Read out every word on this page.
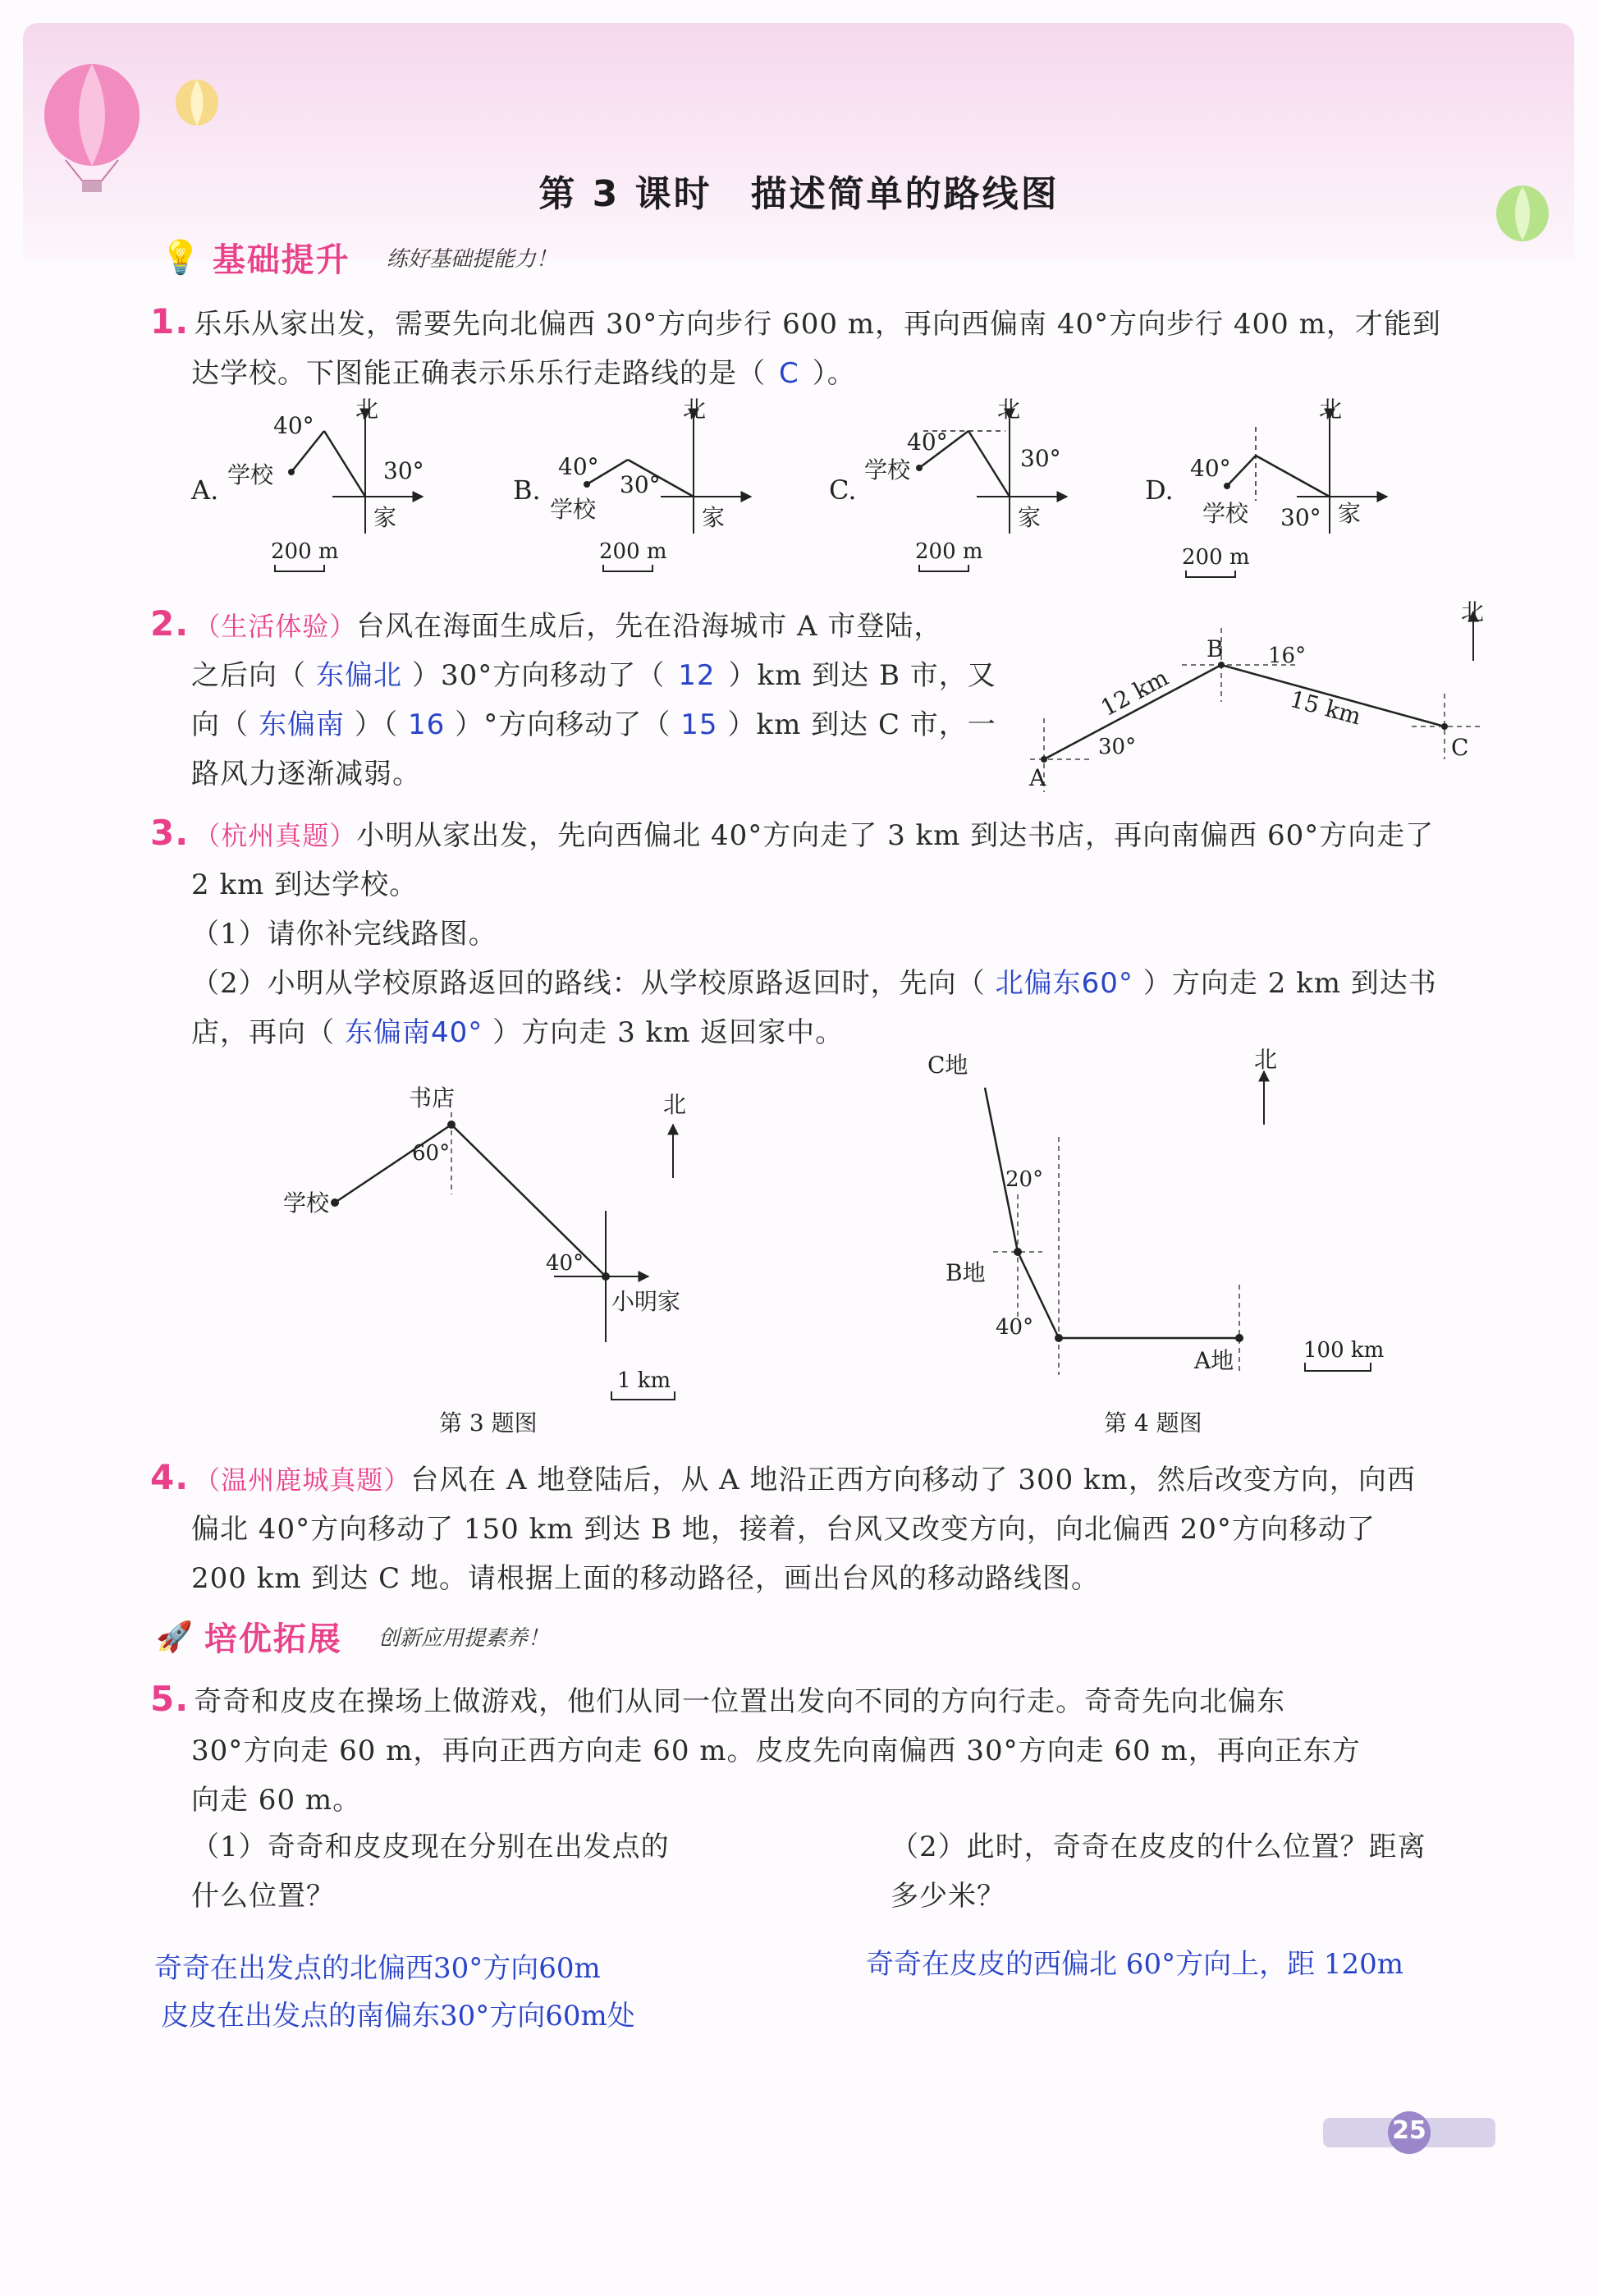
第 3 课时　描述简单的路线图
💡 基础提升 练好基础提能力！
1. 乐乐从家出发，需要先向北偏西 30°方向步行 600 m，再向西偏南 40°方向步行 400 m，才能到
达学校。下图能正确表示乐乐行走路线的是（ C ）。
A.
40°
30°
学校
家
北
200 m
B.
40°
30°
学校	家
北
200 m
C.
40°
30°
学校
家
北
200 m
D.
40°
30°
学校	家
北
200 m
2. （生活体验）台风在海面生成后，先在沿海城市 A 市登陆，
之后向（ 东偏北 ）30°方向移动了（ 12 ）km 到达 B 市，又
向（ 东偏南 ）（ 16 ）°方向移动了（ 15 ）km 到达 C 市，一
路风力逐渐减弱。
北
A
B
C
12 km	15 km
30°
16°
3. （杭州真题）小明从家出发，先向西偏北 40°方向走了 3 km 到达书店，再向南偏西 60°方向走了
2 km 到达学校。
（1）请你补完线路图。
（2）小明从学校原路返回的路线：从学校原路返回时，先向（ 北偏东60° ）方向走 2 km 到达书
店，再向（ 东偏南40° ）方向走 3 km 返回家中。
北
书店
学校
小明家
60°
40°
1 km
第 3 题图
北
C地
B地
A地
20°
40°
100 km
第 4 题图
4. （温州鹿城真题）台风在 A 地登陆后，从 A 地沿正西方向移动了 300 km，然后改变方向，向西
偏北 40°方向移动了 150 km 到达 B 地，接着，台风又改变方向，向北偏西 20°方向移动了
200 km 到达 C 地。请根据上面的移动路径，画出台风的移动路线图。
🚀 培优拓展 创新应用提素养！
5. 奇奇和皮皮在操场上做游戏，他们从同一位置出发向不同的方向行走。奇奇先向北偏东
30°方向走 60 m，再向正西方向走 60 m。皮皮先向南偏西 30°方向走 60 m，再向正东方
向走 60 m。
（1）奇奇和皮皮现在分别在出发点的
什么位置？
（2）此时，奇奇在皮皮的什么位置？距离
多少米？
奇奇在出发点的北偏西30°方向60m
皮皮在出发点的南偏东30°方向60m处
奇奇在皮皮的西偏北 60°方向上，距 120m
25
